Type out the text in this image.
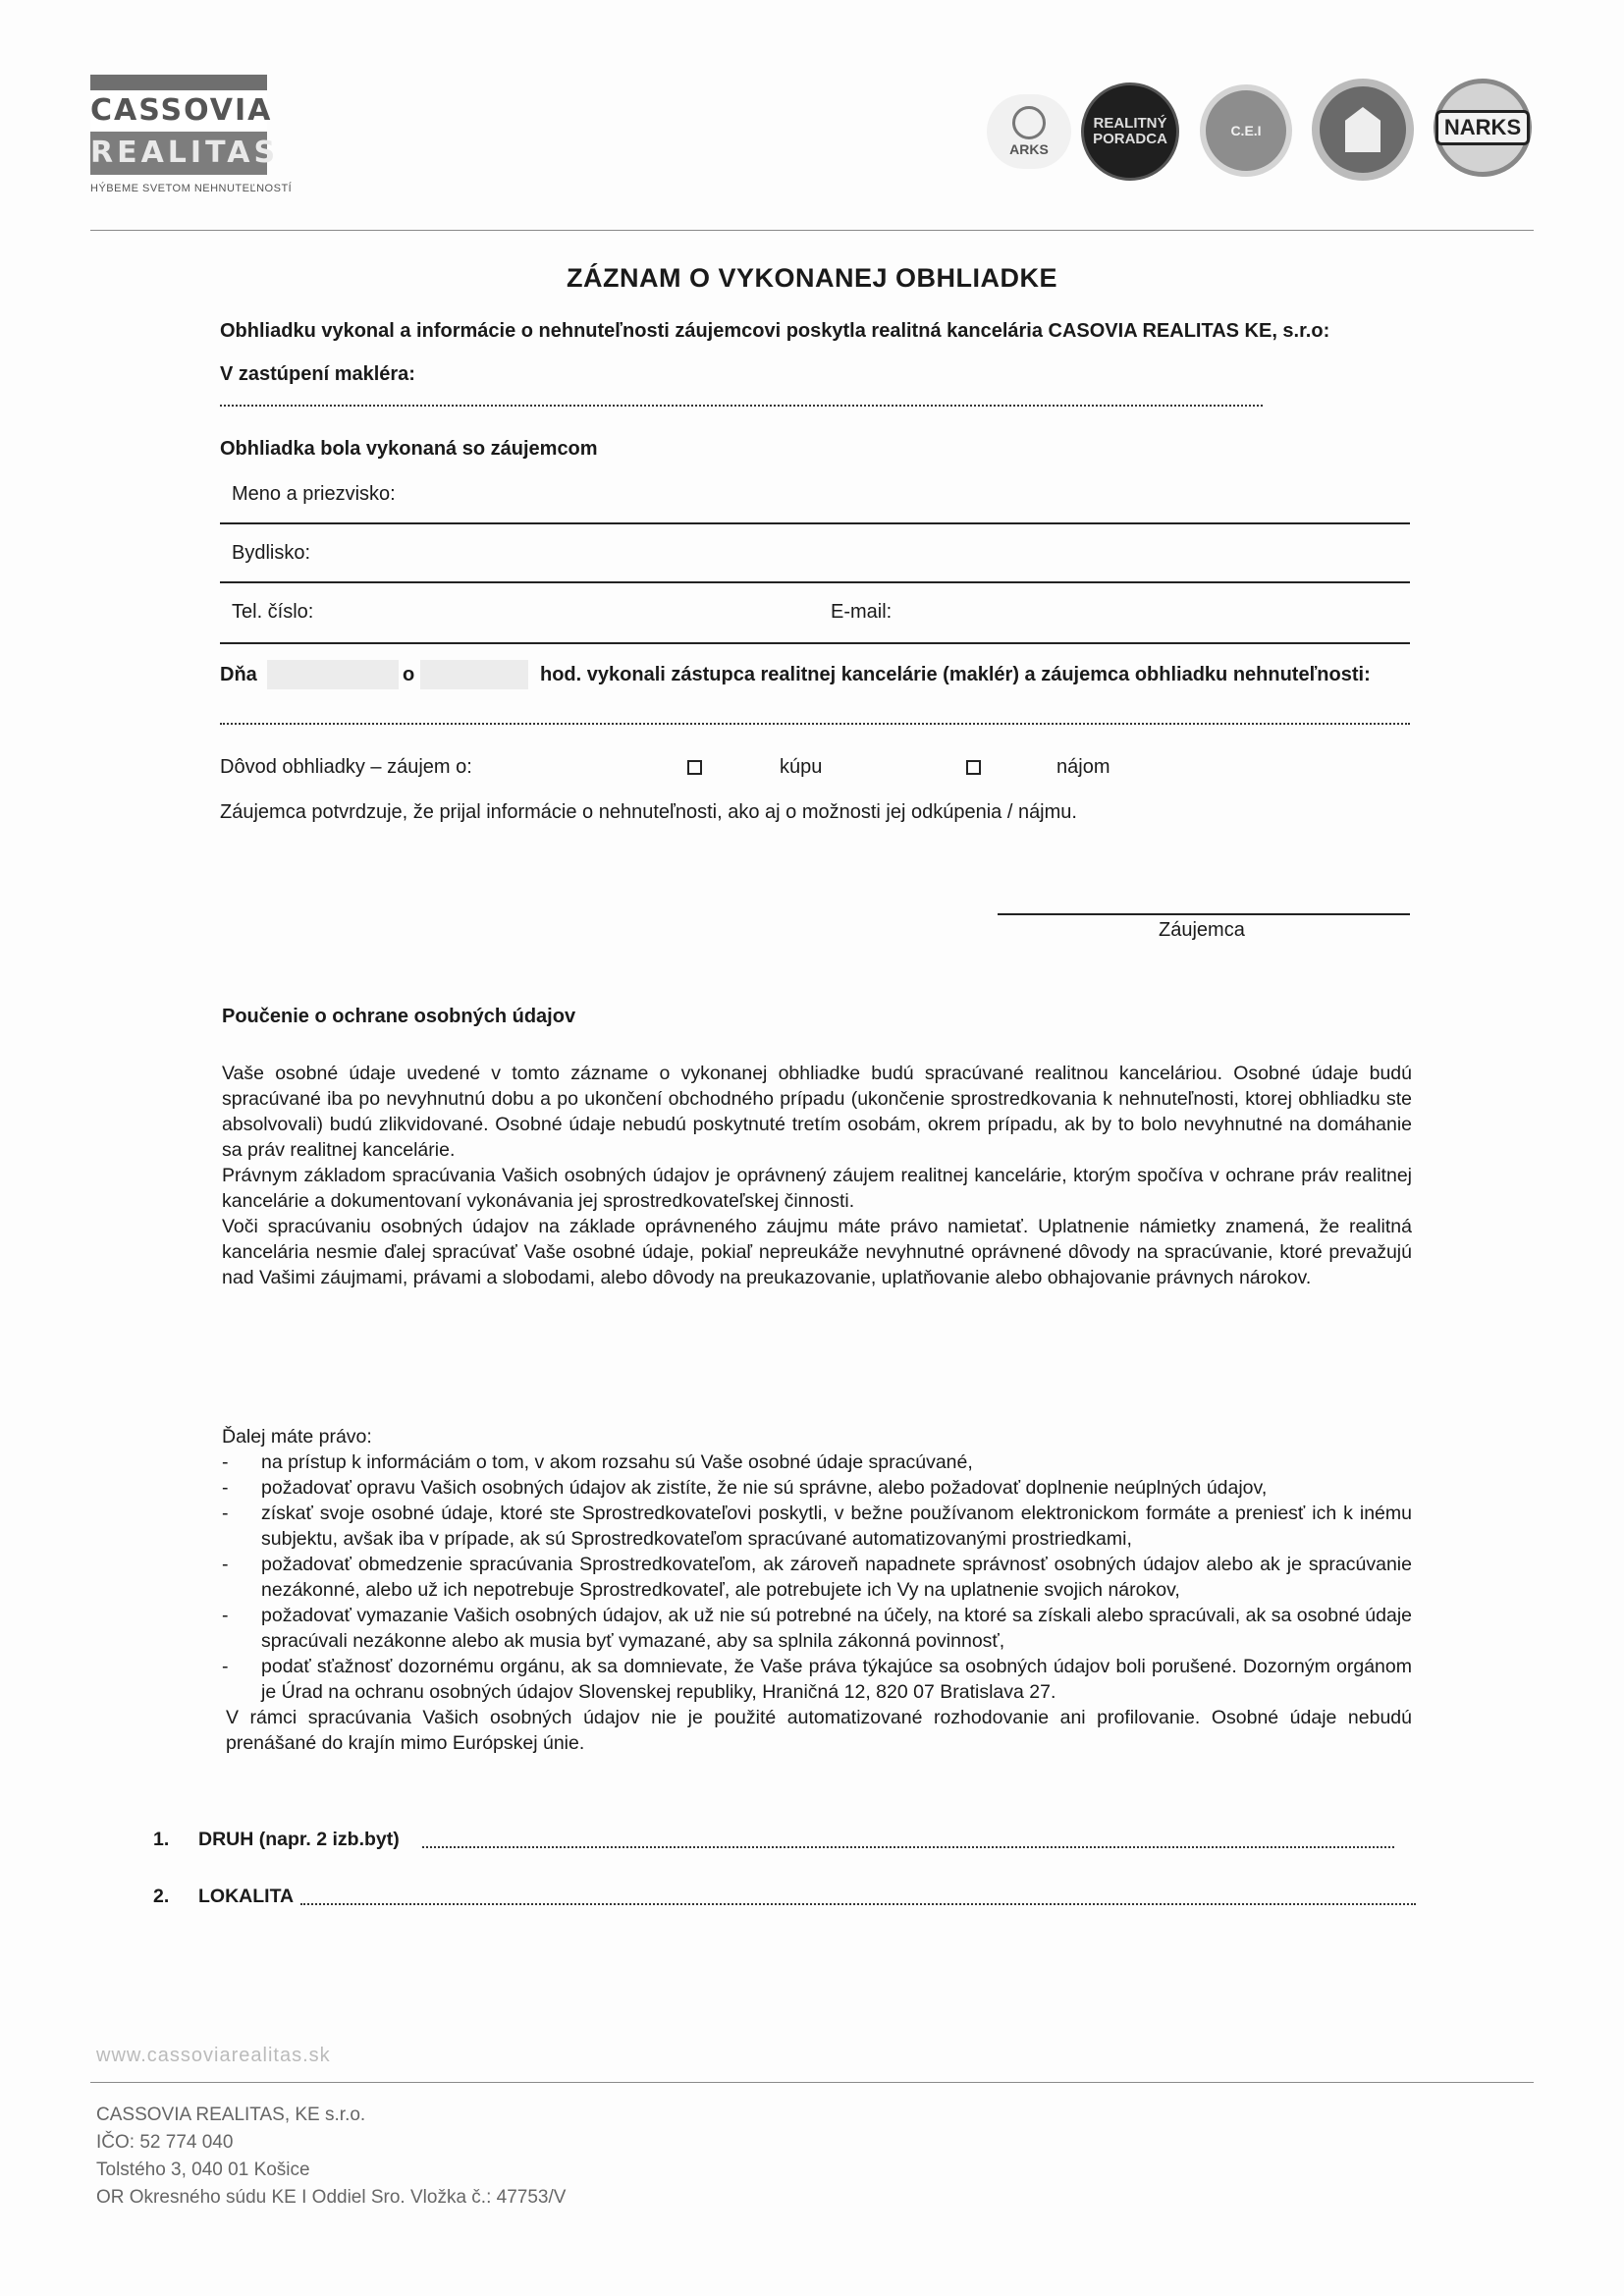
CASSOVIA
REALITAS
HÝBEME SVETOM NEHNUTEĽNOSTÍ
ARKS
REALITNÝ
PORADCA	C.E.I	NARKS
ZÁZNAM O VYKONANEJ OBHLIADKE
Obhliadku vykonal a informácie o nehnuteľnosti záujemcovi poskytla realitná kancelária CASOVIA REALITAS KE, s.r.o:
V zastúpení makléra:
Obhliadka bola vykonaná so záujemcom
Meno a priezvisko:
Bydlisko:
Tel. číslo:	E-mail:
Dňa	o	hod. vykonali zástupca realitnej kancelárie (maklér) a záujemca obhliadku nehnuteľnosti:
Dôvod obhliadky – záujem o:	kúpu	nájom
Záujemca potvrdzuje, že prijal informácie o nehnuteľnosti, ako aj o možnosti jej odkúpenia / nájmu.
Záujemca
Poučenie o ochrane osobných údajov

Vaše osobné údaje uvedené v tomto zázname o vykonanej obhliadke budú spracúvané realitnou kanceláriou. Osobné údaje budú spracúvané iba po nevyhnutnú dobu a po ukončení obchodného prípadu (ukončenie sprostredkovania k nehnuteľnosti, ktorej obhliadku ste absolvovali) budú zlikvidované. Osobné údaje nebudú poskytnuté tretím osobám, okrem prípadu, ak by to bolo nevyhnutné na domáhanie sa práv realitnej kancelárie.

Právnym základom spracúvania Vašich osobných údajov je oprávnený záujem realitnej kancelárie, ktorým spočíva v ochrane práv realitnej kancelárie a dokumentovaní vykonávania jej sprostredkovateľskej činnosti.

Voči spracúvaniu osobných údajov na základe oprávneného záujmu máte právo namietať. Uplatnenie námietky znamená, že realitná kancelária nesmie ďalej spracúvať Vaše osobné údaje, pokiaľ nepreukáže nevyhnutné oprávnené dôvody na spracúvanie, ktoré prevažujú nad Vašimi záujmami, právami a slobodami, alebo dôvody na preukazovanie, uplatňovanie alebo obhajovanie právnych nárokov.

Ďalej máte právo:
- na prístup k informáciám o tom, v akom rozsahu sú Vaše osobné údaje spracúvané,
- požadovať opravu Vašich osobných údajov ak zistíte, že nie sú správne, alebo požadovať doplnenie neúplných údajov,
- získať svoje osobné údaje, ktoré ste Sprostredkovateľovi poskytli, v bežne používanom elektronickom formáte a preniesť ich k inému subjektu, avšak iba v prípade, ak sú Sprostredkovateľom spracúvané automatizovanými prostriedkami,
- požadovať obmedzenie spracúvania Sprostredkovateľom, ak zároveň napadnete správnosť osobných údajov alebo ak je spracúvanie nezákonné, alebo už ich nepotrebuje Sprostredkovateľ, ale potrebujete ich Vy na uplatnenie svojich nárokov,
- požadovať vymazanie Vašich osobných údajov, ak už nie sú potrebné na účely, na ktoré sa získali alebo spracúvali, ak sa osobné údaje spracúvali nezákonne alebo ak musia byť vymazané, aby sa splnila zákonná povinnosť,
- podať sťažnosť dozornému orgánu, ak sa domnievate, že Vaše práva týkajúce sa osobných údajov boli porušené. Dozorným orgánom je Úrad na ochranu osobných údajov Slovenskej republiky, Hraničná 12, 820 07 Bratislava 27.
V rámci spracúvania Vašich osobných údajov nie je použité automatizované rozhodovanie ani profilovanie. Osobné údaje nebudú prenášané do krajín mimo Európskej únie.
1. DRUH (napr. 2 izb.byt)
2. LOKALITA
www.cassoviarealitas.sk
CASSOVIA REALITAS, KE s.r.o.
IČO: 52 774 040
Tolstého 3, 040 01 Košice
OR Okresného súdu KE I Oddiel Sro. Vložka č.: 47753/V
